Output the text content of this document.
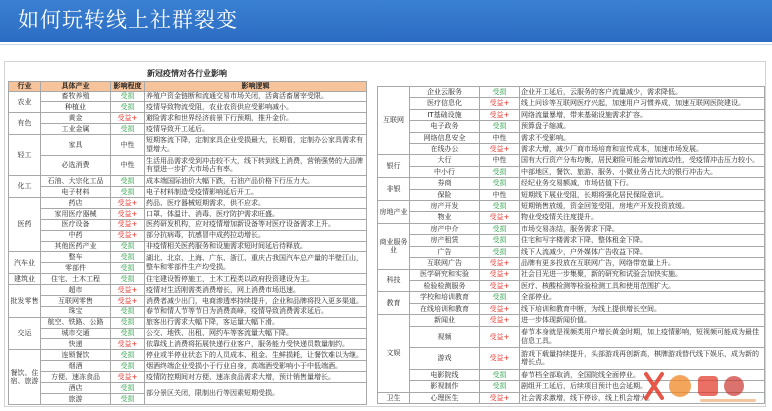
如何玩转线上社群裂变
新冠疫情对各行业影响
行业	具体产业	影响程度	影响逻辑
农业	畜牧养殖	受损	养殖户资金链断和流通交易市场关闭，活禽活畜屠宰受限。
	种植业	受损	疫情导致物流受阻，农业农资供应受影响减小。
有色	黄金	受益+	避险需求和世界经济前景下行预期，推升金价。
	工业金属	受损	疫情导致开工延后。
轻工	家具	中性	短期客流下降，定制家具企业受损最大，长期看，定制办公家具需求有望增大。
	必选消费	中性	生活用品需求受到冲击较不大，线下转到线上消费，营销强势的大品牌有望进一步扩大市场占有率。
化工	石油、大宗化工品	受损	成本端国际油价大幅下跌，石油产品价格下行压力大。
	电子材料	受损	电子材料制造受疫情影响延后开工。
医药	药店	受益+	药品、医疗器械短期需求，供不应求。
	家用医疗器械	受益+	口罩、体温计、消毒、医疗防护需求旺盛。
	医疗设备	受益+	医药研发机构，应对疫情增加新设备等对医疗设备需求上升。
	中药	受益+	部分抗病毒，抗感冒中成药拉动增长。
	其他医药产业	受损	非疫情相关医药服务和设施需求短时间延后待释放。
汽车业	整车	受损	湖北、北京、上海、广东、浙江、重庆占我国汽车总产量的半壁江山，整车和零部件生产均受损。
	零部件	受损	
建筑业	住宅、土木工程	受损	住宅建设暂停施工，土木工程类以政府投资建设为主。
批发零售	超市	受益+	疫情对生活刚需类消费增长，网上消费市场迅速。
	互联网零售	受益+	消费者减少出门，电商渗透率持续提升，企业和品牌将投入更多渠道。
	珠宝	受损	春节和情人节等节日为消费高峰，疫情导致消费需求延后。
交运	航空、铁路、公路	受损	旅客出行需求大幅下降，客运量大幅下滑。
	城市交通	受损	公交、地铁、出租、网约车等客流量大幅下降。
	快递	受益+	依靠线上消费将拓展快递行业客户，服务能力受快递员数量制约。
餐饮、住宿、旅游	连锁餐饮	受损	停业或半停业状态下的人员成本、租金、生鲜损耗，让餐饮难以为继。
	烟酒	受损	烟酒终端企业受损小于行业自身，高端酒受影响小于中低端酒。
	方便、速冻食品	受益+	疫情防控期间对方便、速冻食品需求大增，预计销售量增长。
	酒店	受损	部分景区关闭，限制出行等因素短期受损。
	旅游	受损	
互联网	企业云服务	受损	企业开工延后，云服务的客户流量减少，需求降低。
	医疗信息化	受益+	线上问诊等互联网医疗兴起，加速用户习惯养成，加速互联网医院建设。
	IT基础设施	受益+	网络流量暴增，带来基础设施需求扩容。
	电子政务	受损	预算盘子缩减。
	网络信息安全	中性	需求不受影响。
	在线办公	受益+	需求大增，减少厂商市场培育和宣传成本，加速市场发展。
银行	大行	中性	国有大行资产分布均衡，居民避险可能会增加流动性，受疫情冲击压力较小。
	中小行	受损	中部地区，餐饮、旅游、服务、小微业务占比大的银行冲击大。
非银	券商	受损	经纪业务交易额减，市场估值下行。
	保险	中性	短期线下展业受阻，长期将强化居民保险意识。
房地产业	房产开发	受损	短期销售放缓，资金回笼受阻，房地产开发投资放缓。
	物业	受益+	物业受疫情关注度提升。
商业服务业	房产中介	受损	市场交易冻结，服务需求下降。
	房产租赁	受损	住宅和写字楼需求下降，整体租金下降。
	广告	受损	线下人流减少，户外媒体广告收益下降。
	互联网广告	受益+	品牌有更多投放在互联网广告，网络带宽量上升。
科技	医学研究和实验	受益+	社会目光进一步集聚，新的研究和试验会加快实施。
	检验检测服务	受益+	医疗、核酸检测等检验检测工具和使用范围扩大。
教育	学校和培训教育	受损	全部停业。
	在线培训和教育	受益+	线下培训和教育中断，为线上提供增长空间。
文娱	新闻业	受益+	进一步体现新闻价值。
	视频	受益+	春节本身就是视频类用户增长黄金时期，加上疫情影响，短视频可能成为最佳信息工具。
	游戏	受益+	游戏下载量持续提升，头部游戏再创新高，棋牌游戏替代线下娱乐，成为新的增长点。
	电影院线	受损	春节档全部取消，全国院线全面停业。
	影视制作	受损	剧组开工延后，后续项目预计也会延期。
卫生	心理医生	受益+	社会需求激增，线下停诊，线上机会增大。
